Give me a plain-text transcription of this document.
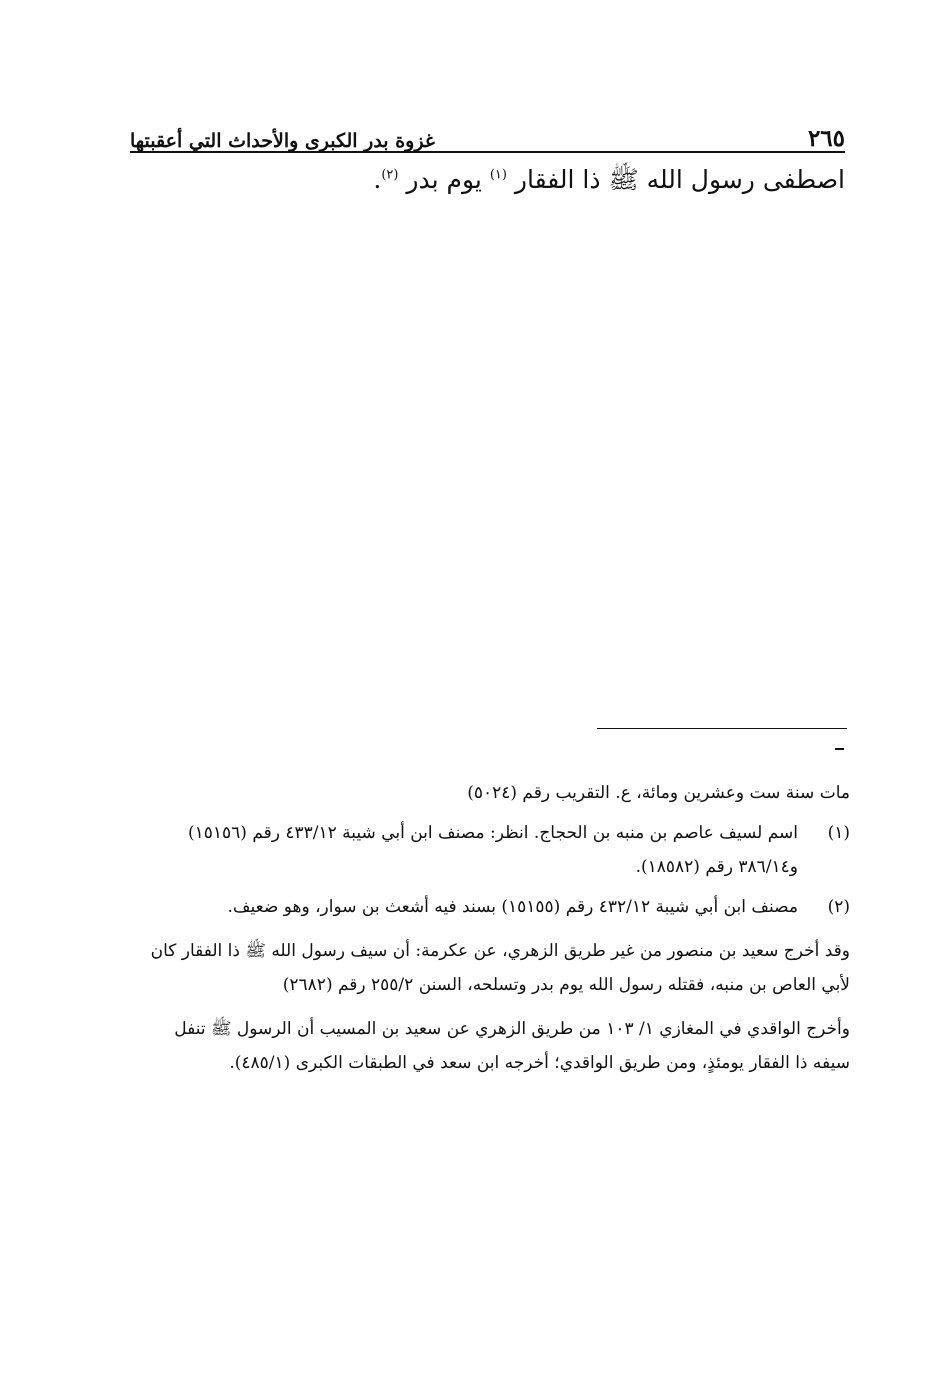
٢٦٥
غزوة بدر الكبرى والأحداث التي أعقبتها
اصطفى رسول الله ﷺ ذا الفقار $^{(١)}$ يوم بدر $^{(٢)}$.
مات سنة ست وعشرين ومائة، ع. التقريب رقم (٥٠٢٤)
(١)
اسم لسيف عاصم بن منبه بن الحجاج. انظر: مصنف ابن أبي شيبة ٤٣٣/١٢ رقم (١٥١٥٦) و٣٨٦/١٤ رقم (١٨٥٨٢).
(٢)
مصنف ابن أبي شيبة ٤٣٢/١٢ رقم (١٥١٥٥) بسند فيه أشعث بن سوار، وهو ضعيف.
وقد أخرج سعيد بن منصور من غير طريق الزهري، عن عكرمة: أن سيف رسول الله ﷺ ذا الفقار كان لأبي العاص بن منبه، فقتله رسول الله يوم بدر وتسلحه، السنن ٢٥٥/٢ رقم (٢٦٨٢)
وأخرج الواقدي في المغازي ١/ ١٠٣ من طريق الزهري عن سعيد بن المسيب أن الرسول ﷺ تنفل سيفه ذا الفقار يومئذٍ، ومن طريق الواقدي؛ أخرجه ابن سعد في الطبقات الكبرى (٤٨٥/١).
